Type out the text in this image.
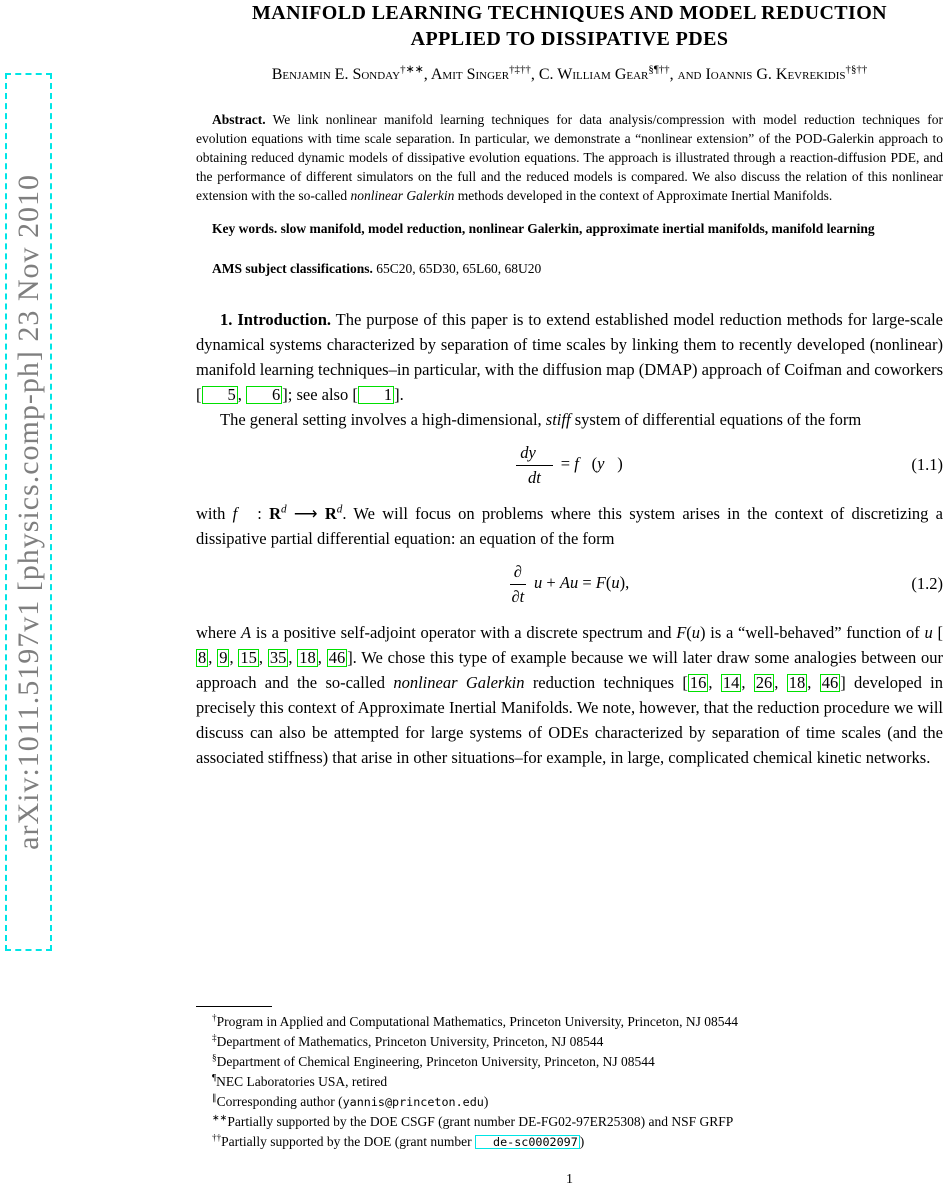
arXiv:1011.5197v1 [physics.comp-ph] 23 Nov 2010
MANIFOLD LEARNING TECHNIQUES AND MODEL REDUCTION
APPLIED TO DISSIPATIVE PDES
Benjamin E. Sonday†∗∗, Amit Singer†‡††, C. William Gear§¶††, and Ioannis G. Kevrekidis†§††

Abstract. We link nonlinear manifold learning techniques for data analysis/compression with model reduction techniques for evolution equations with time scale separation. In particular, we demonstrate a “nonlinear extension” of the POD-Galerkin approach to obtaining reduced dynamic models of dissipative evolution equations. The approach is illustrated through a reaction-diffusion PDE, and the performance of different simulators on the full and the reduced models is compared. We also discuss the relation of this nonlinear extension with the so-called nonlinear Galerkin methods developed in the context of Approximate Inertial Manifolds.

Key words. slow manifold, model reduction, nonlinear Galerkin, approximate inertial manifolds, manifold learning

AMS subject classifications. 65C20, 65D30, 65L60, 68U20

1. Introduction. The purpose of this paper is to extend established model reduction methods for large-scale dynamical systems characterized by separation of time scales by linking them to recently developed (nonlinear) manifold learning techniques–in particular, with the diffusion map (DMAP) approach of Coifman and coworkers [ 5 , 6 ]; see also [ 1 ].

The general setting involves a high-dimensional, stiff system of differential equations of the form

$\frac{dy⃗}{dt}$ = f⃗(y⃗)	(1.1)

with f⃗ : $R^d$ ⟶ $R^d$. We will focus on problems where this system arises in the context of discretizing a dissipative partial differential equation: an equation of the form

$\frac{\partial}{\partial t}$ u + Au = F(u),	(1.2)

where A is a positive self-adjoint operator with a discrete spectrum and F(u) is a “well-behaved” function of u [8 , 9 , 15 , 35 , 18 , 46 ]. We chose this type of example because we will later draw some analogies between our approach and the so-called nonlinear Galerkin reduction techniques [ 16 , 14 , 26 , 18 , 46 ] developed in precisely this context of Approximate Inertial Manifolds. We note, however, that the reduction procedure we will discuss can also be attempted for large systems of ODEs characterized by separation of time scales (and the associated stiffness) that arise in other situations–for example, in large, complicated chemical kinetic networks.

†Program in Applied and Computational Mathematics, Princeton University, Princeton, NJ 08544

‡Department of Mathematics, Princeton University, Princeton, NJ 08544

§Department of Chemical Engineering, Princeton University, Princeton, NJ 08544

¶NEC Laboratories USA, retired

∥Corresponding author (yannis@princeton.edu)

∗∗Partially supported by the DOE CSGF (grant number DE-FG02-97ER25308) and NSF GRFP

††Partially supported by the DOE (grant number de-sc0002097 )

1
